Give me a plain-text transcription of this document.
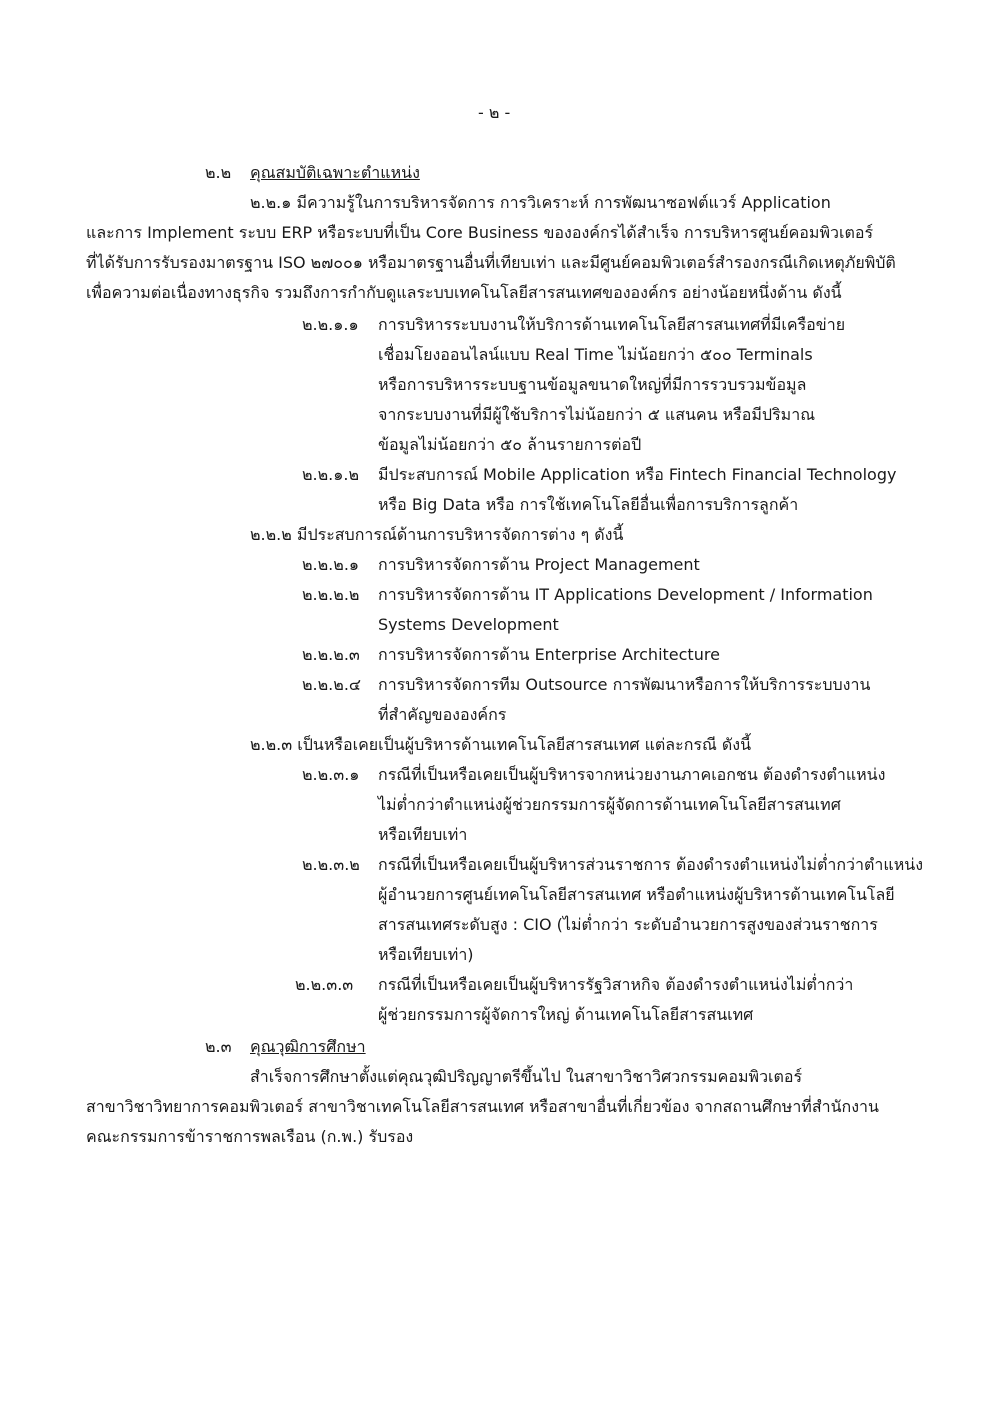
- ๒ -
๒.๒ คุณสมบัติเฉพาะตำแหน่ง
๒.๒.๑ มีความรู้ในการบริหารจัดการ การวิเคราะห์ การพัฒนาซอฟต์แวร์ Application
และการ Implement ระบบ ERP หรือระบบที่เป็น Core Business ขององค์กรได้สำเร็จ การบริหารศูนย์คอมพิวเตอร์
ที่ได้รับการรับรองมาตรฐาน ISO ๒๗๐๐๑ หรือมาตรฐานอื่นที่เทียบเท่า และมีศูนย์คอมพิวเตอร์สำรองกรณีเกิดเหตุภัยพิบัติ
เพื่อความต่อเนื่องทางธุรกิจ รวมถึงการกำกับดูแลระบบเทคโนโลยีสารสนเทศขององค์กร อย่างน้อยหนึ่งด้าน ดังนี้
๒.๒.๑.๑ การบริหารระบบงานให้บริการด้านเทคโนโลยีสารสนเทศที่มีเครือข่าย
เชื่อมโยงออนไลน์แบบ Real Time ไม่น้อยกว่า ๕๐๐ Terminals
หรือการบริหารระบบฐานข้อมูลขนาดใหญ่ที่มีการรวบรวมข้อมูล
จากระบบงานที่มีผู้ใช้บริการไม่น้อยกว่า ๕ แสนคน หรือมีปริมาณ
ข้อมูลไม่น้อยกว่า ๕๐ ล้านรายการต่อปี
๒.๒.๑.๒ มีประสบการณ์ Mobile Application หรือ Fintech Financial Technology
หรือ Big Data หรือ การใช้เทคโนโลยีอื่นเพื่อการบริการลูกค้า
๒.๒.๒ มีประสบการณ์ด้านการบริหารจัดการต่าง ๆ ดังนี้
๒.๒.๒.๑ การบริหารจัดการด้าน Project Management
๒.๒.๒.๒ การบริหารจัดการด้าน IT Applications Development / Information
Systems Development
๒.๒.๒.๓ การบริหารจัดการด้าน Enterprise Architecture
๒.๒.๒.๔ การบริหารจัดการทีม Outsource การพัฒนาหรือการให้บริการระบบงาน
ที่สำคัญขององค์กร
๒.๒.๓ เป็นหรือเคยเป็นผู้บริหารด้านเทคโนโลยีสารสนเทศ แต่ละกรณี ดังนี้
๒.๒.๓.๑ กรณีที่เป็นหรือเคยเป็นผู้บริหารจากหน่วยงานภาคเอกชน ต้องดำรงตำแหน่ง
ไม่ต่ำกว่าตำแหน่งผู้ช่วยกรรมการผู้จัดการด้านเทคโนโลยีสารสนเทศ
หรือเทียบเท่า
๒.๒.๓.๒ กรณีที่เป็นหรือเคยเป็นผู้บริหารส่วนราชการ ต้องดำรงตำแหน่งไม่ต่ำกว่าตำแหน่ง
ผู้อำนวยการศูนย์เทคโนโลยีสารสนเทศ หรือตำแหน่งผู้บริหารด้านเทคโนโลยี
สารสนเทศระดับสูง : CIO (ไม่ต่ำกว่า ระดับอำนวยการสูงของส่วนราชการ
หรือเทียบเท่า)
๒.๒.๓.๓ กรณีที่เป็นหรือเคยเป็นผู้บริหารรัฐวิสาหกิจ ต้องดำรงตำแหน่งไม่ต่ำกว่า
ผู้ช่วยกรรมการผู้จัดการใหญ่ ด้านเทคโนโลยีสารสนเทศ
๒.๓ คุณวุฒิการศึกษา
สำเร็จการศึกษาตั้งแต่คุณวุฒิปริญญาตรีขึ้นไป ในสาขาวิชาวิศวกรรมคอมพิวเตอร์
สาขาวิชาวิทยาการคอมพิวเตอร์ สาขาวิชาเทคโนโลยีสารสนเทศ หรือสาขาอื่นที่เกี่ยวข้อง จากสถานศึกษาที่สำนักงาน
คณะกรรมการข้าราชการพลเรือน (ก.พ.) รับรอง
